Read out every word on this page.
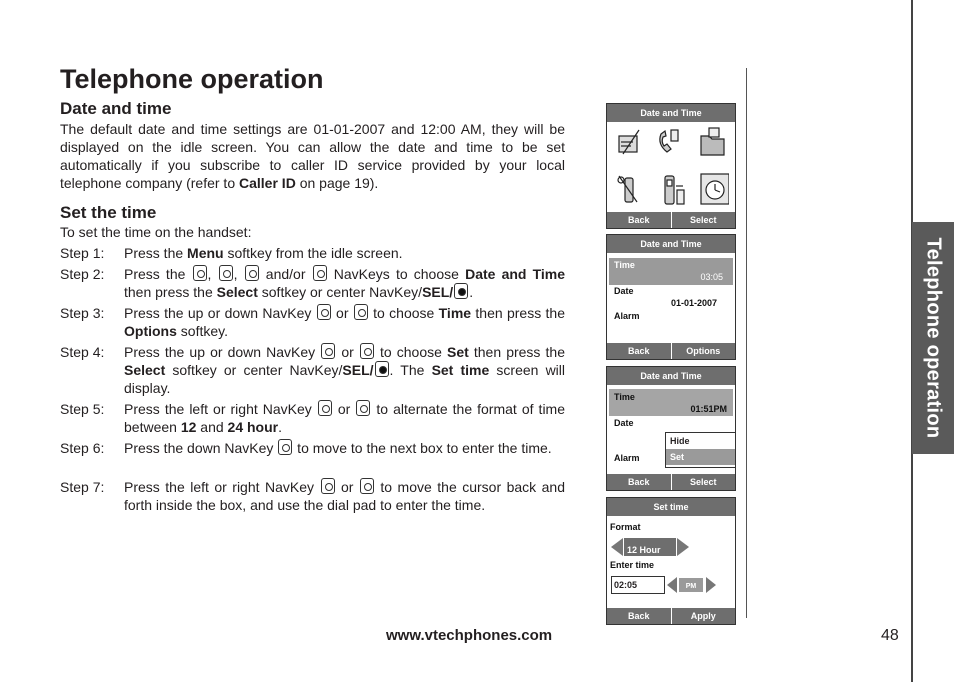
Telephone operation
Telephone operation
Date and time

The default date and time settings are 01-01-2007 and 12:00 AM, they will be displayed on the idle screen. You can allow the date and time to be set automatically if you subscribe to caller ID service provided by your local telephone company (refer to Caller ID on page 19).

Set the time

To set the time on the handset:

Step 1: Press the Menu softkey from the idle screen.
Step 2: Press the , ,  and/or  NavKeys to choose Date and Time then press the Select softkey or center NavKey/SEL/ .
Step 3: Press the up or down NavKey  or  to choose Time then press the Options softkey.
Step 4: Press the up or down NavKey  or  to choose Set then press the Select softkey or center NavKey/SEL/ . The Set time screen will display.
Step 5: Press the left or right NavKey  or  to alternate the format of time between 12 and 24 hour.
Step 6: Press the down NavKey  to move to the next box to enter the time.
Step 7: Press the left or right NavKey  or  to move the cursor back and forth inside the box, and use the dial pad to enter the time.
Date and Time
Back	Select
Date and Time
Time
03:05
Date
01-01-2007
Alarm
Back	Options
Date and Time
Time
01:51PM
Date
Alarm
Hide
Set
Back	Select
Set time
Format
12 Hour
Enter time
02:05	PM
Back	Apply
www.vtechphones.com	48
